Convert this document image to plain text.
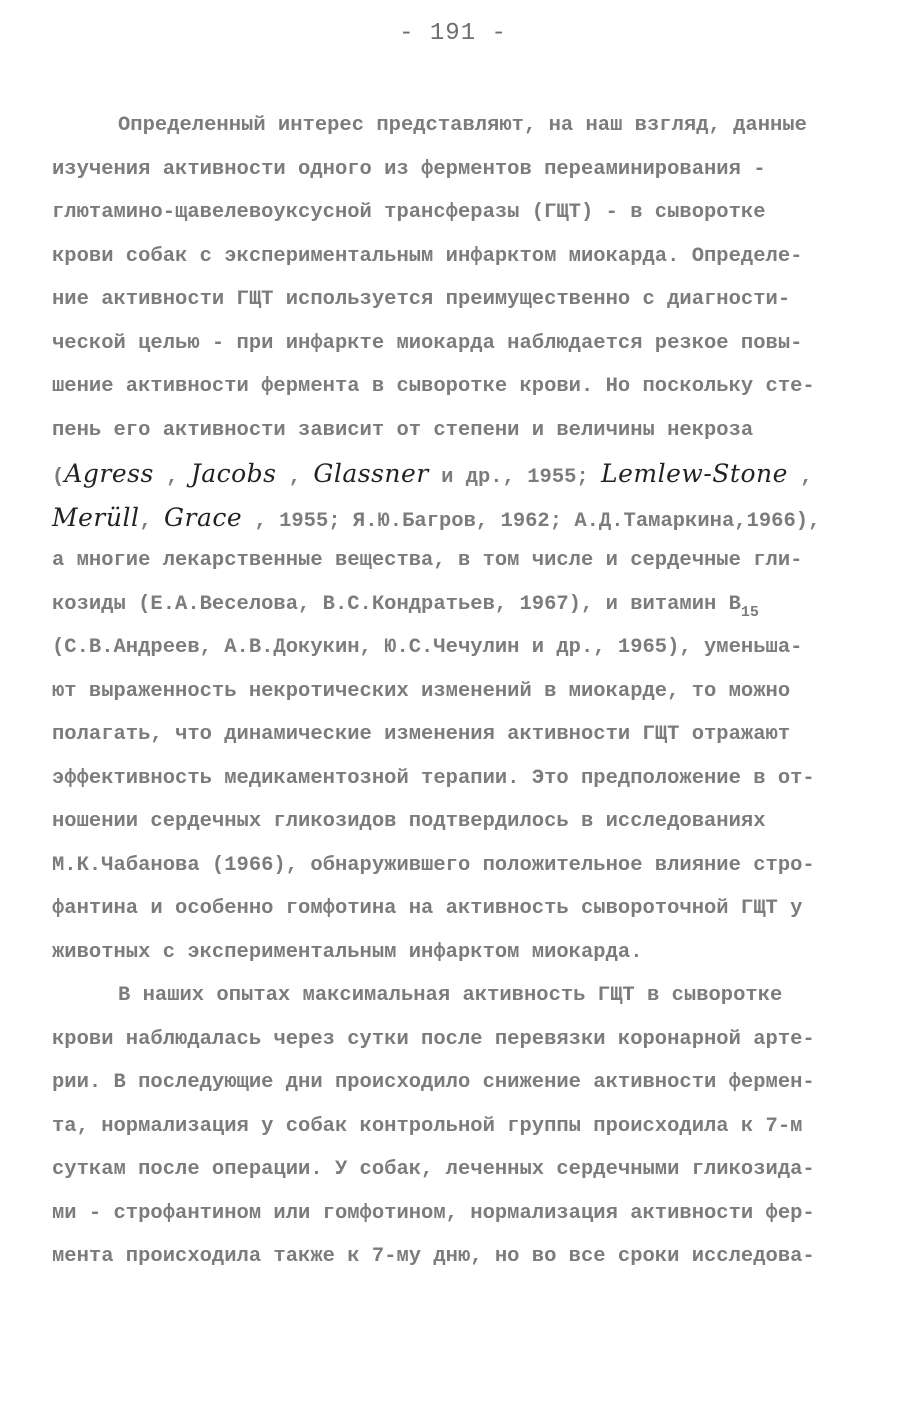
- 191 -
Определенный интерес представляют, на наш взгляд, данные
изучения активности одного из ферментов переаминирования -
глютамино-щавелевоуксусной трансферазы (ГЩТ) - в сыворотке
крови собак с экспериментальным инфарктом миокарда. Определе-
ние активности ГЩТ используется преимущественно с диагности-
ческой целью - при инфаркте миокарда наблюдается резкое повы-
шение активности фермента в сыворотке крови. Но поскольку сте-
пень его активности зависит от степени и величины некроза
(Agress , Jacobs , Glassner и др., 1955; Lemlew-Stone ,
Merüll, Grace , 1955; Я.Ю.Багров, 1962; А.Д.Тамаркина,1966),
а многие лекарственные вещества, в том числе и сердечные гли-
козиды (Е.А.Веселова, В.С.Кондратьев, 1967), и витамин $В_{15}$
(С.В.Андреев, А.В.Докукин, Ю.С.Чечулин и др., 1965), уменьша-
ют выраженность некротических изменений в миокарде, то можно
полагать, что динамические изменения активности ГЩТ отражают
эффективность медикаментозной терапии. Это предположение в от-
ношении сердечных гликозидов подтвердилось в исследованиях
М.К.Чабанова (1966), обнаружившего положительное влияние стро-
фантина и особенно гомфотина на активность сывороточной ГЩТ у
животных с экспериментальным инфарктом миокарда.
В наших опытах максимальная активность ГЩТ в сыворотке
крови наблюдалась через сутки после перевязки коронарной арте-
рии. В последующие дни происходило снижение активности фермен-
та, нормализация у собак контрольной группы происходила к 7-м
суткам после операции. У собак, леченных сердечными гликозида-
ми - строфантином или гомфотином, нормализация активности фер-
мента происходила также к 7-му дню, но во все сроки исследова-
